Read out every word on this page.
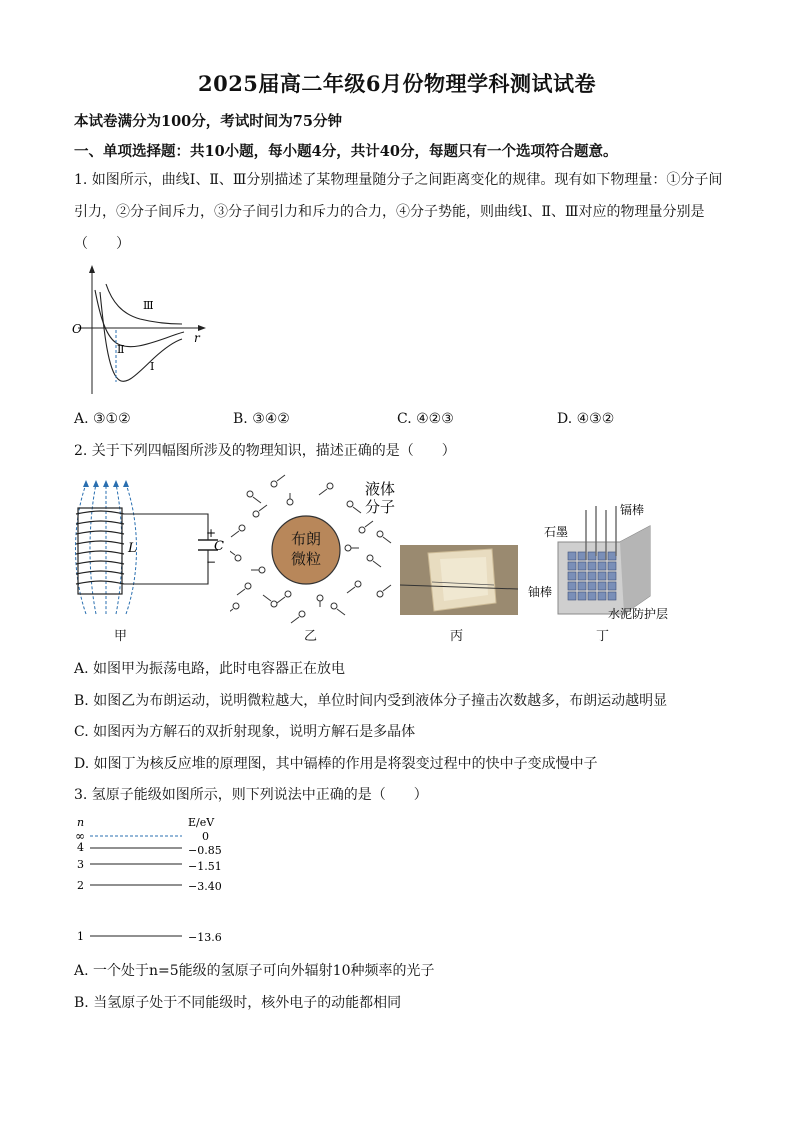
2025届高二年级6月份物理学科测试试卷
本试卷满分为100分，考试时间为75分钟
一、单项选择题：共10小题，每小题4分，共计40分，每题只有一个选项符合题意。
1. 如图所示，曲线Ⅰ、Ⅱ、Ⅲ分别描述了某物理量随分子之间距离变化的规律。现有如下物理量：①分子间
引力，②分子间斥力，③分子间引力和斥力的合力，④分子势能，则曲线Ⅰ、Ⅱ、Ⅲ对应的物理量分别是
（　　）
O
r
Ⅲ
Ⅱ
Ⅰ
A. ③①②	B. ③④②	C. ④②③	D. ④③②
2. 关于下列四幅图所涉及的物理知识，描述正确的是（　　）
+
−
C
L
甲
布朗
微粒
液体
分子
乙	丙
石墨
镉棒
铀棒
水泥防护层
丁
A. 如图甲为振荡电路，此时电容器正在放电
B. 如图乙为布朗运动，说明微粒越大，单位时间内受到液体分子撞击次数越多，布朗运动越明显
C. 如图丙为方解石的双折射现象，说明方解石是多晶体
D. 如图丁为核反应堆的原理图，其中镉棒的作用是将裂变过程中的快中子变成慢中子
3. 氢原子能级如图所示，则下列说法中正确的是（　　）
n	E/eV
∞	0
4	−0.85
3	−1.51
2	−3.40
1	−13.6
A. 一个处于n=5能级的氢原子可向外辐射10种频率的光子
B. 当氢原子处于不同能级时，核外电子的动能都相同
